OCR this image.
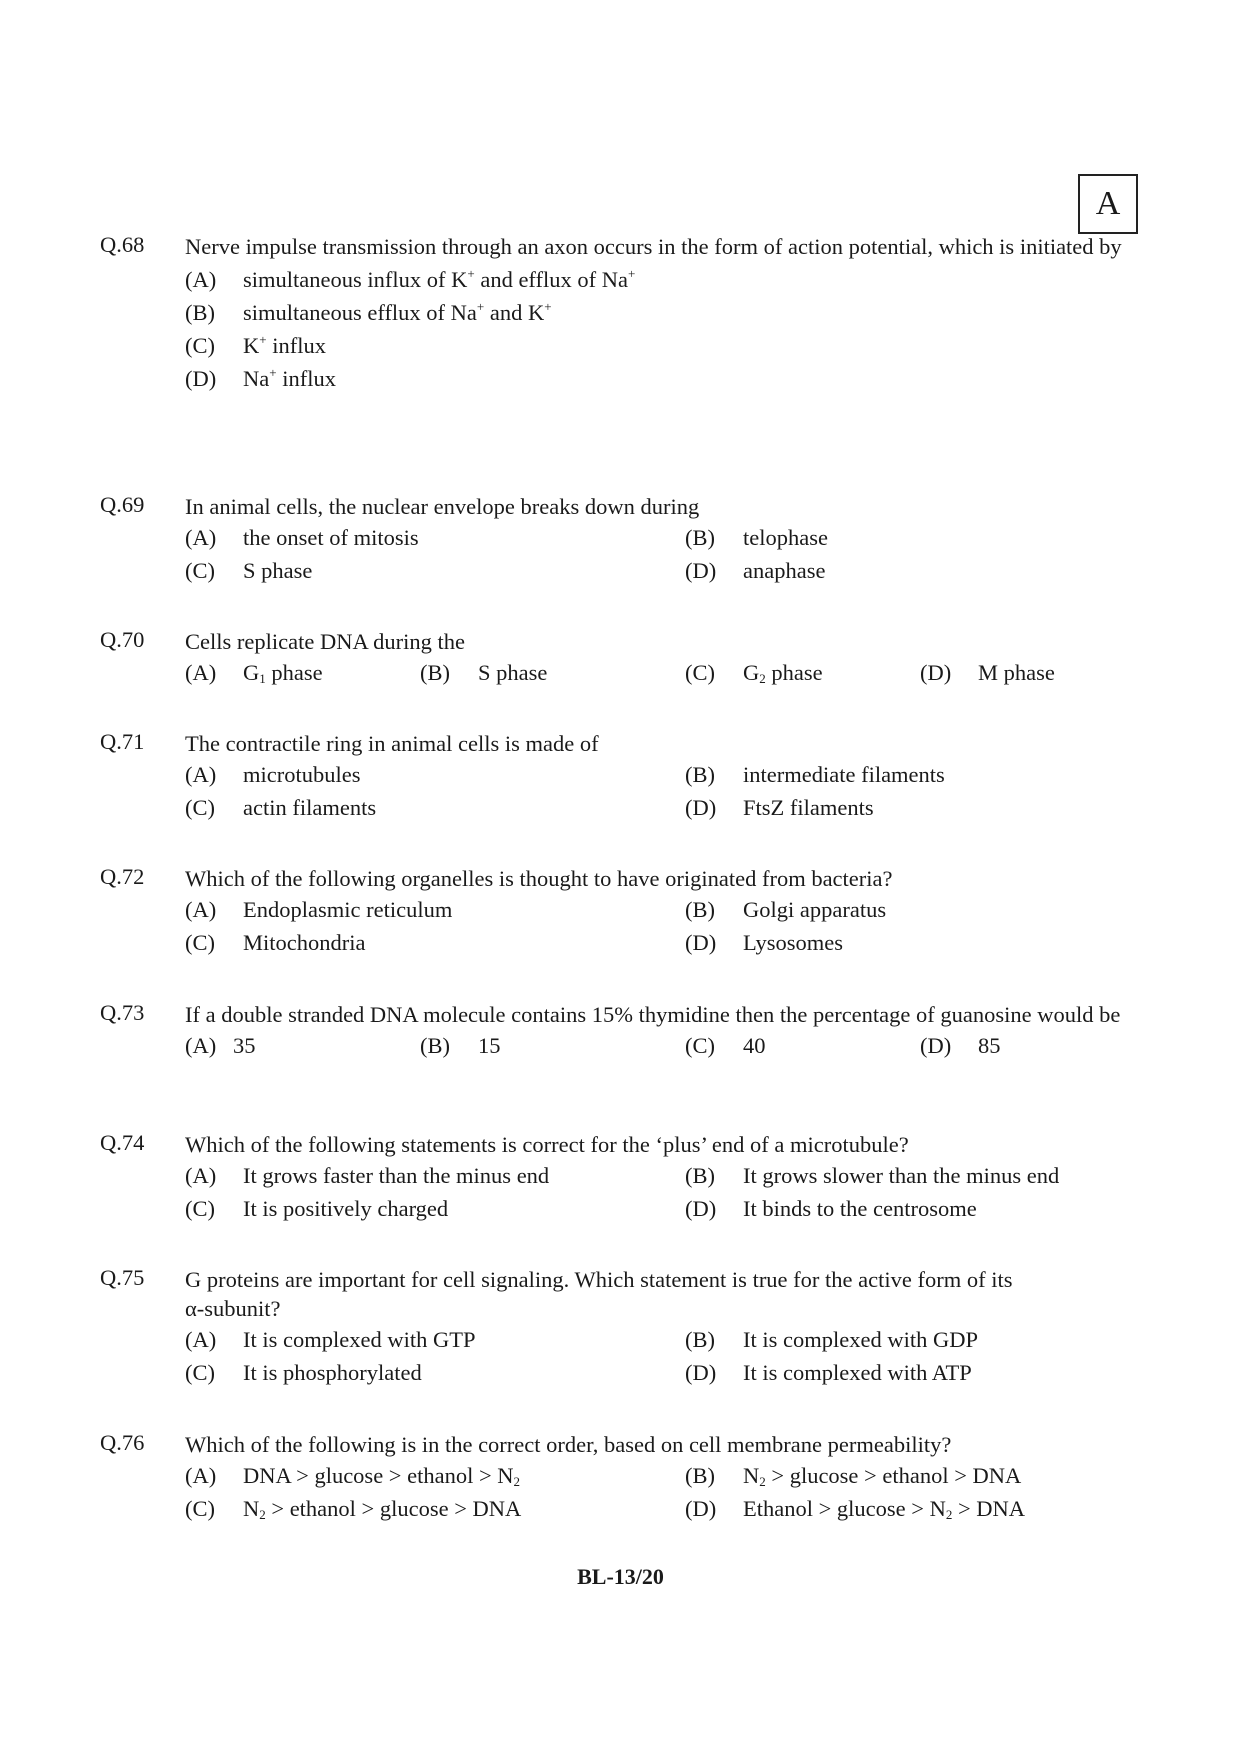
A
Q.68 Nerve impulse transmission through an axon occurs in the form of action potential, which is initiated by
(A) simultaneous influx of K+ and efflux of Na+
(B) simultaneous efflux of Na+ and K+
(C) K+ influx
(D) Na+ influx
Q.69 In animal cells, the nuclear envelope breaks down during
(A) the onset of mitosis	(B) telophase
(C) S phase	(D) anaphase
Q.70 Cells replicate DNA during the
(A) $G_1$ phase	(B) S phase	(C) $G_2$ phase	(D) M phase
Q.71 The contractile ring in animal cells is made of
(A) microtubules	(B) intermediate filaments
(C) actin filaments	(D) FtsZ filaments
Q.72 Which of the following organelles is thought to have originated from bacteria?
(A) Endoplasmic reticulum	(B) Golgi apparatus
(C) Mitochondria	(D) Lysosomes
Q.73 If a double stranded DNA molecule contains 15% thymidine then the percentage of guanosine would be
(A) 35	(B) 15	(C) 40	(D) 85
Q.74 Which of the following statements is correct for the ‘plus’ end of a microtubule?
(A) It grows faster than the minus end	(B) It grows slower than the minus end
(C) It is positively charged	(D) It binds to the centrosome
Q.75 G proteins are important for cell signaling. Which statement is true for the active form of its
α-subunit?
(A) It is complexed with GTP	(B) It is complexed with GDP
(C) It is phosphorylated	(D) It is complexed with ATP
Q.76 Which of the following is in the correct order, based on cell membrane permeability?
(A) DNA > glucose > ethanol > $N_2$	(B) $N_2 > glucose$ > ethanol > DNA
(C) $N_2$ > ethanol > glucose > DNA	(D) Ethanol > $glucose > N_2$ > DNA
BL-13/20
